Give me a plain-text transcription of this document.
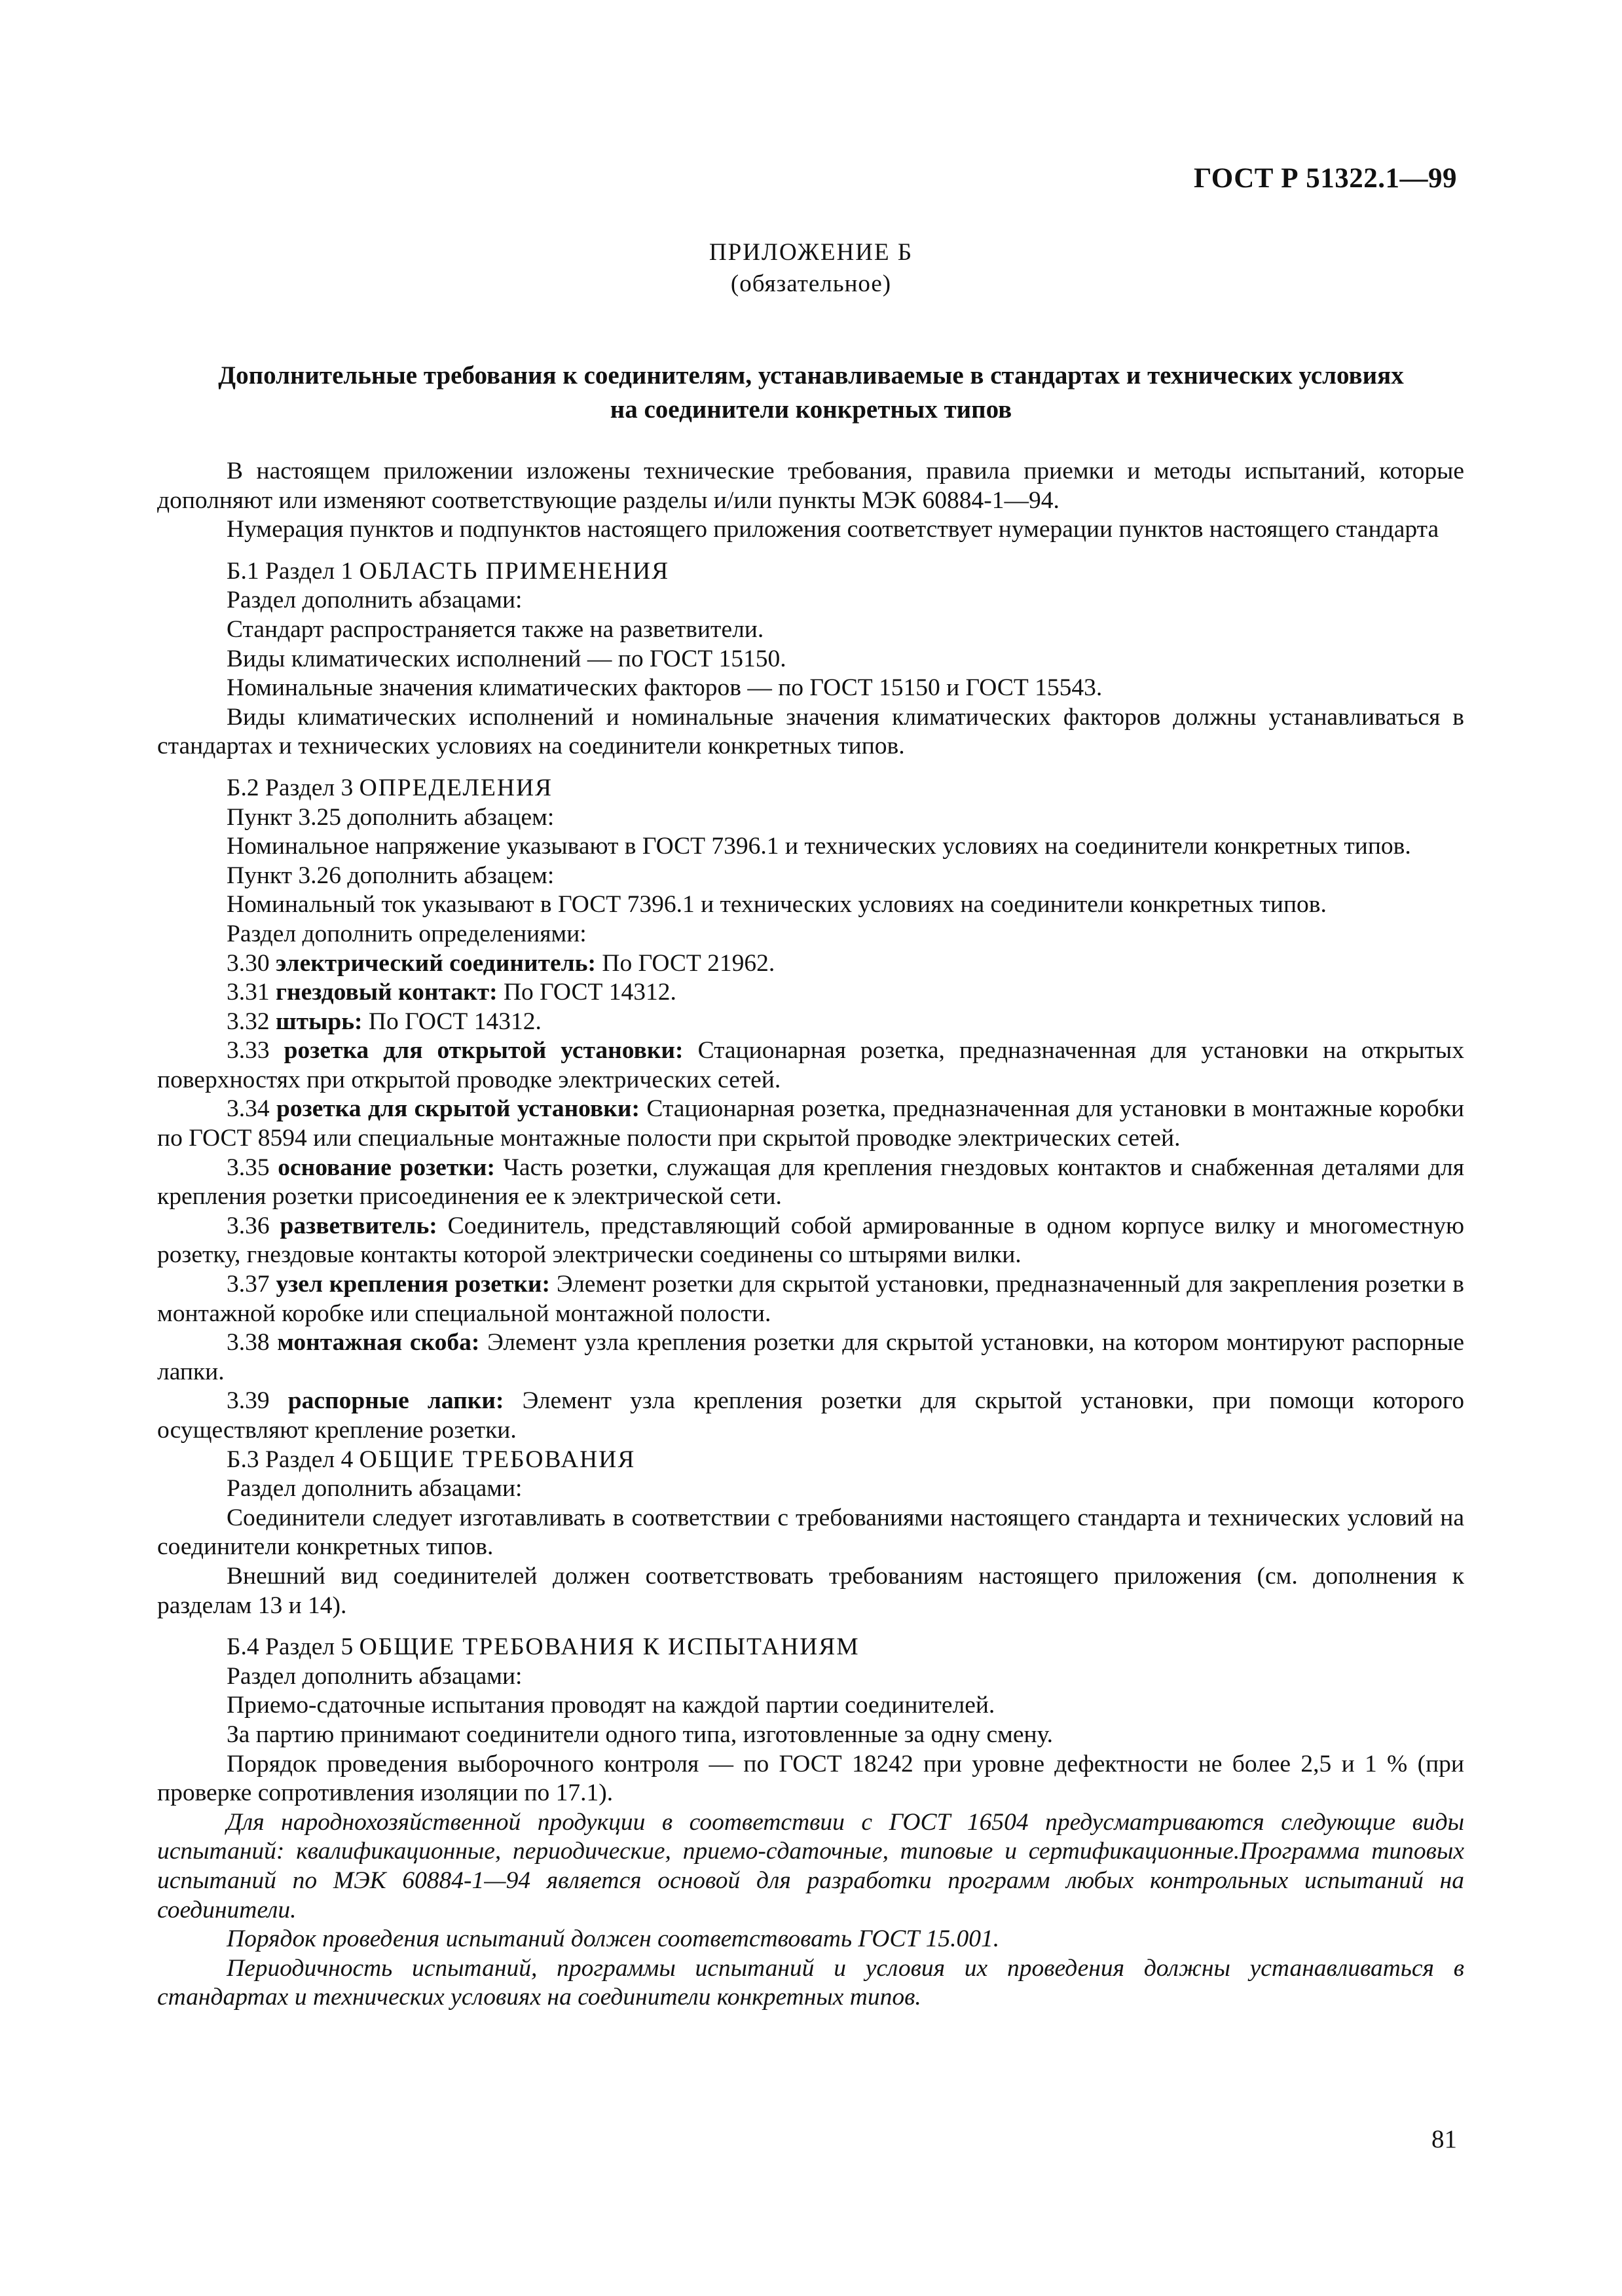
ГОСТ Р 51322.1—99
ПРИЛОЖЕНИЕ Б
(обязательное)
Дополнительные требования к соединителям, устанавливаемые в стандартах и технических условиях
на соединители конкретных типов

В настоящем приложении изложены технические требования, правила приемки и методы испытаний, которые дополняют или изменяют соответствующие разделы и/или пункты МЭК 60884-1—94.

Нумерация пунктов и подпунктов настоящего приложения соответствует нумерации пунктов настоящего стандарта

Б.1 Раздел 1 ОБЛАСТЬ ПРИМЕНЕНИЯ

Раздел дополнить абзацами:

Стандарт распространяется также на разветвители.

Виды климатических исполнений — по ГОСТ 15150.

Номинальные значения климатических факторов — по ГОСТ 15150 и ГОСТ 15543.

Виды климатических исполнений и номинальные значения климатических факторов должны устанавливаться в стандартах и технических условиях на соединители конкретных типов.

Б.2 Раздел 3 ОПРЕДЕЛЕНИЯ

Пункт 3.25 дополнить абзацем:

Номинальное напряжение указывают в ГОСТ 7396.1 и технических условиях на соединители конкретных типов.

Пункт 3.26 дополнить абзацем:

Номинальный ток указывают в ГОСТ 7396.1 и технических условиях на соединители конкретных типов.

Раздел дополнить определениями:

3.30 электрический соединитель: По ГОСТ 21962.

3.31 гнездовый контакт: По ГОСТ 14312.

3.32 штырь: По ГОСТ 14312.

3.33 розетка для открытой установки: Стационарная розетка, предназначенная для установки на открытых поверхностях при открытой проводке электрических сетей.

3.34 розетка для скрытой установки: Стационарная розетка, предназначенная для установки в монтажные коробки по ГОСТ 8594 или специальные монтажные полости при скрытой проводке электрических сетей.

3.35 основание розетки: Часть розетки, служащая для крепления гнездовых контактов и снабженная деталями для крепления розетки присоединения ее к электрической сети.

3.36 разветвитель: Соединитель, представляющий собой армированные в одном корпусе вилку и многоместную розетку, гнездовые контакты которой электрически соединены со штырями вилки.

3.37 узел крепления розетки: Элемент розетки для скрытой установки, предназначенный для закрепления розетки в монтажной коробке или специальной монтажной полости.

3.38 монтажная скоба: Элемент узла крепления розетки для скрытой установки, на котором монтируют распорные лапки.

3.39 распорные лапки: Элемент узла крепления розетки для скрытой установки, при помощи которого осуществляют крепление розетки.

Б.3 Раздел 4 ОБЩИЕ ТРЕБОВАНИЯ

Раздел дополнить абзацами:

Соединители следует изготавливать в соответствии с требованиями настоящего стандарта и технических условий на соединители конкретных типов.

Внешний вид соединителей должен соответствовать требованиям настоящего приложения (см. дополнения к разделам 13 и 14).

Б.4 Раздел 5 ОБЩИЕ ТРЕБОВАНИЯ К ИСПЫТАНИЯМ

Раздел дополнить абзацами:

Приемо-сдаточные испытания проводят на каждой партии соединителей.

За партию принимают соединители одного типа, изготовленные за одну смену.

Порядок проведения выборочного контроля — по ГОСТ 18242 при уровне дефектности не более 2,5 и 1 % (при проверке сопротивления изоляции по 17.1).

Для народнохозяйственной продукции в соответствии с ГОСТ 16504 предусматриваются следующие виды испытаний: квалификационные, периодические, приемо-сдаточные, типовые и сертификационные.Программа типовых испытаний по МЭК 60884-1—94 является основой для разработки программ любых контрольных испытаний на соединители.

Порядок проведения испытаний должен соответствовать ГОСТ 15.001.

Периодичность испытаний, программы испытаний и условия их проведения должны устанавливаться в стандартах и технических условиях на соединители конкретных типов.

81
